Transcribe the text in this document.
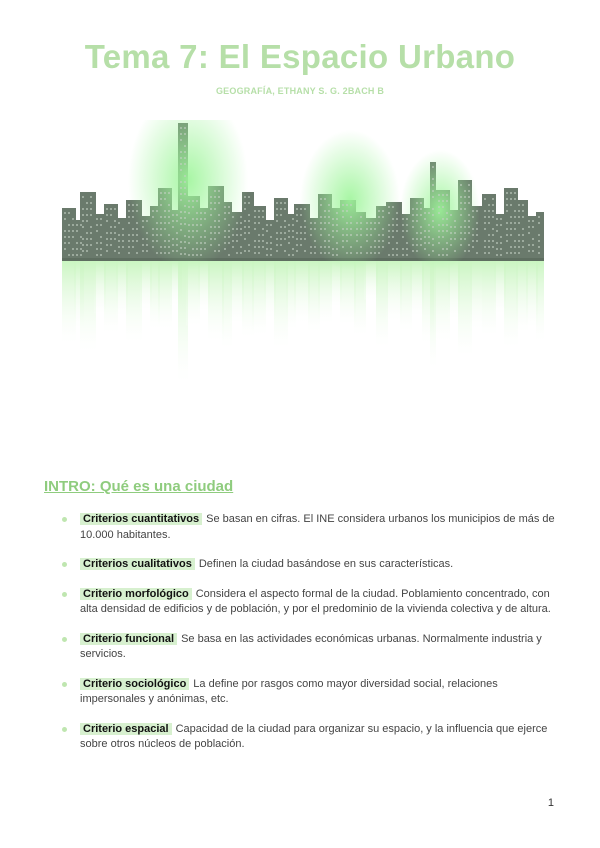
Tema 7: El Espacio Urbano
GEOGRAFÍA, ETHANY S. G. 2BACH B
INTRO: Qué es una ciudad
Criterios cuantitativos Se basan en cifras. El INE considera urbanos los municipios de más de 10.000 habitantes.
Criterios cualitativos Definen la ciudad basándose en sus características.
Criterio morfológico Considera el aspecto formal de la ciudad. Poblamiento concentrado, con alta densidad de edificios y de población, y por el predominio de la vivienda colectiva y de altura.
Criterio funcional Se basa en las actividades económicas urbanas. Normalmente industria y servicios.
Criterio sociológico La define por rasgos como mayor diversidad social, relaciones impersonales y anónimas, etc.
Criterio espacial Capacidad de la ciudad para organizar su espacio, y la influencia que ejerce sobre otros núcleos de población.
1
